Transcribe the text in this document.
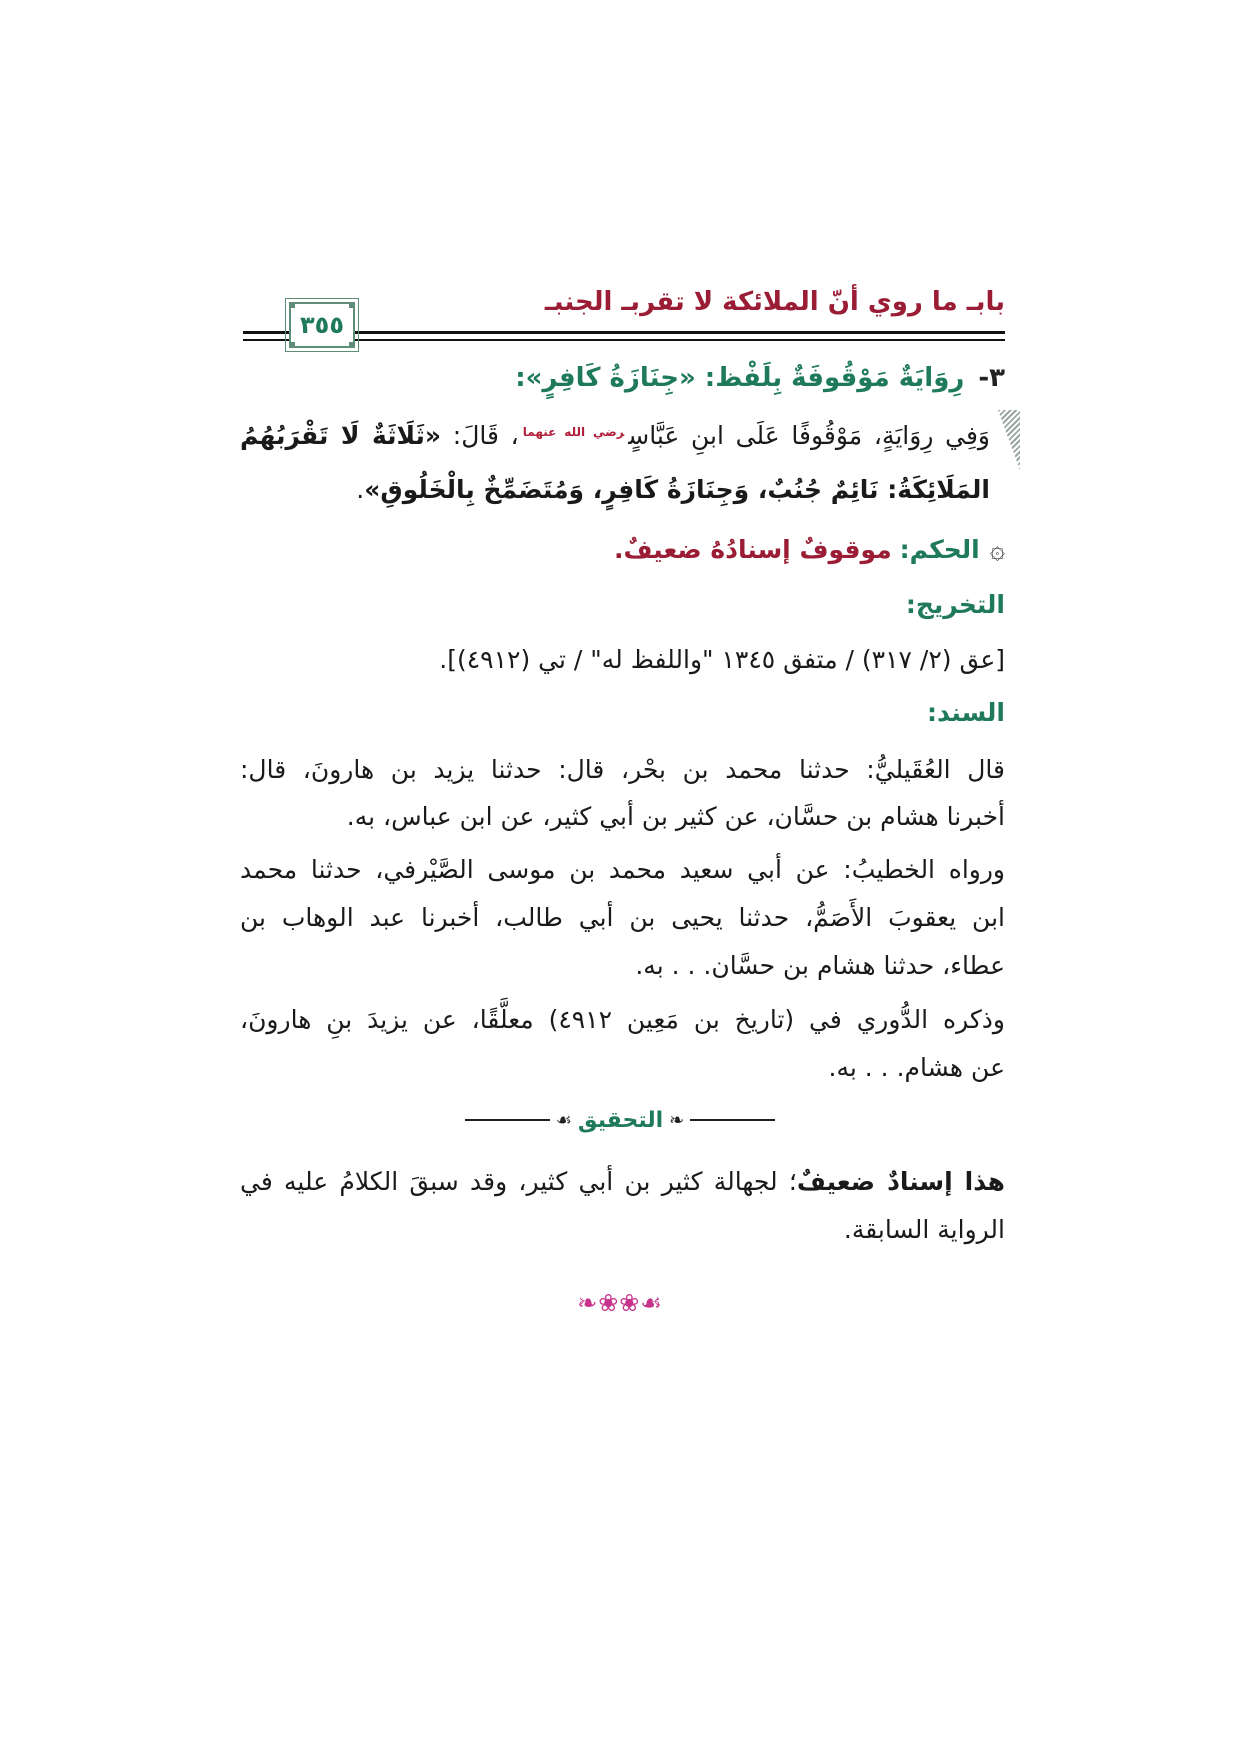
بابـ ما روي أنّ الملائكة لا تقربـ الجنبـ
٣٥٥
٣-رِوَايَةٌ مَوْقُوفَةٌ بِلَفْظ: «جِنَازَةُ كَافِرٍ»:
وَفِي رِوَايَةٍ، مَوْقُوفًا عَلَى ابنِ عَبَّاسٍ$^{رضي الله عنهما}$، قَالَ: «ثَلَاثَةٌ لَا تَقْرَبُهُمُ
المَلَائِكَةُ: نَائِمٌ جُنُبٌ، وَجِنَازَةُ كَافِرٍ، وَمُتَضَمِّخٌ بِالْخَلُوقِ».
۞الحكم: موقوفٌ إسنادُهُ ضعيفٌ.
التخريج:
[عق (٢/ ٣١٧) / متفق ١٣٤٥ "واللفظ له" / تي (٤٩١٢)].
السند:
قال العُقَيليُّ: حدثنا محمد بن بحْر، قال: حدثنا يزيد بن هارونَ، قال:
أخبرنا هشام بن حسَّان، عن كثير بن أبي كثير، عن ابن عباس، به.
ورواه الخطيبُ: عن أبي سعيد محمد بن موسى الصَّيْرفي، حدثنا محمد
ابن يعقوبَ الأَصَمُّ، حدثنا يحيى بن أبي طالب، أخبرنا عبد الوهاب بن
عطاء، حدثنا هشام بن حسَّان. . . به.
وذكره الدُّوري في (تاريخ بن مَعِين ٤٩١٢) معلَّقًا، عن يزيدَ بنِ هارونَ،
عن هشام. . . به.
❧
التحقيق
☙
هذا إسنادٌ ضعيفٌ؛ لجهالة كثير بن أبي كثير، وقد سبقَ الكلامُ عليه في
الرواية السابقة.
❧❀❀☙
